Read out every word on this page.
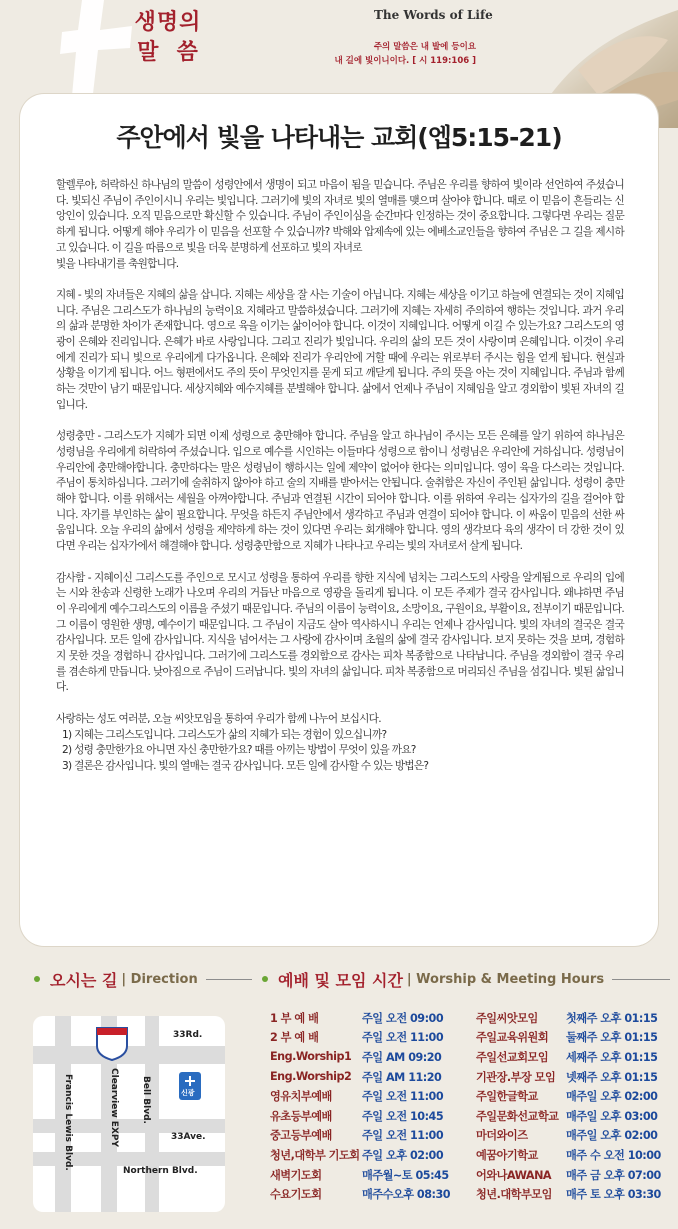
생명의
말  씀
The Words of Life
주의 말씀은 내 발에 등이요
내 길에 빛이니이다. [ 시 119:106 ]
주안에서 빛을 나타내는 교회(엡5:15-21)

할렐루야, 허락하신 하나님의 말씀이 성령안에서 생명이 되고 마음이 됨을 믿습니다. 주님은 우리를 향하여 빛이라 선언하여 주셨습니다. 빛되신 주님이 주인이시니 우리는 빛입니다. 그러기에 빛의 자녀로 빛의 열매를 맺으며 살아야 합니다. 때로 이 믿음이 흔들리는 신앙인이 있습니다. 오직 믿음으로만 확신할 수 있습니다. 주님이 주인이심을 순간마다 인정하는 것이 중요합니다. 그렇다면 우리는 질문하게 됩니다. 어떻게 해야 우리가 이 믿음을 선포할 수 있습니까? 박해와 압제속에 있는 에베소교인들을 향하여 주님은 그 길을 제시하고 있습니다. 이 길을 따름으로 빛을 더욱 분명하게 선포하고 빛의 자녀로
빛을 나타내기를 축원합니다.

지혜 - 빛의 자녀들은 지혜의 삶을 삽니다. 지혜는 세상을 잘 사는 기술이 아닙니다. 지혜는 세상을 이기고 하늘에 연결되는 것이 지혜입니다. 주님은 그리스도가 하나님의 능력이요 지혜라고 말씀하셨습니다. 그러기에 지혜는 자세히 주의하여 행하는 것입니다. 과거 우리의 삶과 분명한 차이가 존재합니다. 영으로 육을 이기는 삶이어야 합니다. 이것이 지혜입니다. 어떻게 이길 수 있는가요? 그리스도의 영광이 은혜와 진리입니다. 은혜가 바로 사랑입니다. 그리고 진리가 빛입니다. 우리의 삶의 모든 것이 사랑이며 은혜입니다. 이것이 우리에게 진리가 되니 빛으로 우리에게 다가옵니다. 은혜와 진리가 우리안에 거할 때에 우리는 위로부터 주시는 힘을 얻게 됩니다. 현실과 상황을 이기게 됩니다. 어느 형편에서도 주의 뜻이 무엇인지를 묻게 되고 깨닫게 됩니다. 주의 뜻을 아는 것이 지혜입니다. 주님과 함께 하는 것만이 남기 때문입니다. 세상지혜와 예수지혜를 분별해야 합니다. 삶에서 언제나 주님이 지혜임을 알고 경외함이 빛된 자녀의 길입니다.

성령충만 - 그리스도가 지혜가 되면 이제 성령으로 충만해야 합니다. 주님을 알고 하나님이 주시는 모든 은혜를 알기 위하여 하나님은 성령님을 우리에게 허락하여 주셨습니다. 입으로 예수를 시인하는 이들마다 성령으로 함이니 성령님은 우리안에 거하십니다. 성령님이 우리안에 충만해야합니다. 충만하다는 말은 성령님이 행하시는 일에 제약이 없어야 한다는 의미입니다. 영이 육을 다스리는 것입니다. 주님이 통치하십니다. 그러기에 술취하지 않아야 하고 술의 지배를 받아서는 안됩니다. 술취함은 자신이 주인된 삶입니다. 성령이 충만해야 합니다. 이를 위해서는 세월을 아껴야합니다. 주님과 연결된 시간이 되어야 합니다. 이를 위하여 우리는 십자가의 길을 걸어야 합니다. 자기를 부인하는 삶이 필요합니다. 무엇을 하든지 주님안에서 생각하고 주님과 연결이 되어야 합니다. 이 싸움이 믿음의 선한 싸움입니다. 오늘 우리의 삶에서 성령을 제약하게 하는 것이 있다면 우리는 회개해야 합니다. 영의 생각보다 육의 생각이 더 강한 것이 있다면 우리는 십자가에서 해결해야 합니다. 성령충만함으로 지혜가 나타나고 우리는 빛의 자녀로서 살게 됩니다.

감사함 - 지혜이신 그리스도를 주인으로 모시고 성령을 통하여 우리를 향한 지식에 넘치는 그리스도의 사랑을 알게됨으로 우리의 입에는 시와 찬송과 신령한 노래가 나오며 우리의 거듭난 마음으로 영광을 돌리게 됩니다. 이 모든 주제가 결국 감사입니다. 왜냐하면 주님이 우리에게 예수그리스도의 이름을 주셨기 때문입니다. 주님의 이름이 능력이요, 소망이요, 구원이요, 부활이요, 전부이기 때문입니다. 그 이름이 영원한 생명, 예수이기 때문입니다. 그 주님이 지금도 살아 역사하시니 우리는 언제나 감사입니다. 빛의 자녀의 결국은 결국 감사입니다. 모든 일에 감사입니다. 지식을 넘어서는 그 사랑에 감사이며 초월의 삶에 결국 감사입니다. 보지 못하는 것을 보며, 경험하지 못한 것을 경험하니 감사입니다. 그러기에 그리스도를 경외함으로 감사는 피차 복종함으로 나타납니다. 주님을 경외함이 결국 우리를 겸손하게 만듭니다. 낮아짐으로 주님이 드러납니다. 빛의 자녀의 삶입니다. 피차 복종함으로 머리되신 주님을 섬깁니다. 빛된 삶입니다.

사랑하는 성도 여러분, 오늘 씨앗모임을 통하여 우리가 함께 나누어 보십시다.

1) 지혜는 그리스도입니다. 그리스도가 삶의 지혜가 되는 경험이 있으십니까?

2) 성령 충만한가요 아니면 자신 충만한가요? 때를 아끼는 방법이 무엇이 있을 까요?

3) 결론은 감사입니다. 빛의 열매는 결국 감사입니다. 모든 일에 감사할 수 있는 방법은?

오시는 길 | Direction	예배 및 모임 시간 | Worship & Meeting Hours
295
33Rd.
Bell Blvd.
Francis Lewis Blvd.	Clearview EXPY	33Ave.
Northern Blvd.
신광
1 부 예 배	주일 오전 09:00	주일씨앗모임	첫째주 오후 01:15
2 부 예 배	주일 오전 11:00	주일교육위원회	둘째주 오후 01:15
Eng.Worship1 주일 AM 09:20	주일선교회모임	세째주 오후 01:15
Eng.Worship2 주일 AM 11:20	기관장.부장 모임 넷째주 오후 01:15
영유치부예배	주일 오전 11:00	주일한글학교	매주일 오후 02:00
유초등부예배	주일 오전 10:45	주일문화선교학교 매주일 오후 03:00
중고등부예배	주일 오전 11:00	마더와이즈	매주일 오후 02:00
청년,대학부 기도회 주일 오후 02:00	예꿈아기학교	매주 수 오전 10:00
새벽기도회	매주월~토 05:45	어와나AWANA	매주 금 오후 07:00
수요기도회	매주수오후 08:30	청년.대학부모임	매주 토 오후 03:30
